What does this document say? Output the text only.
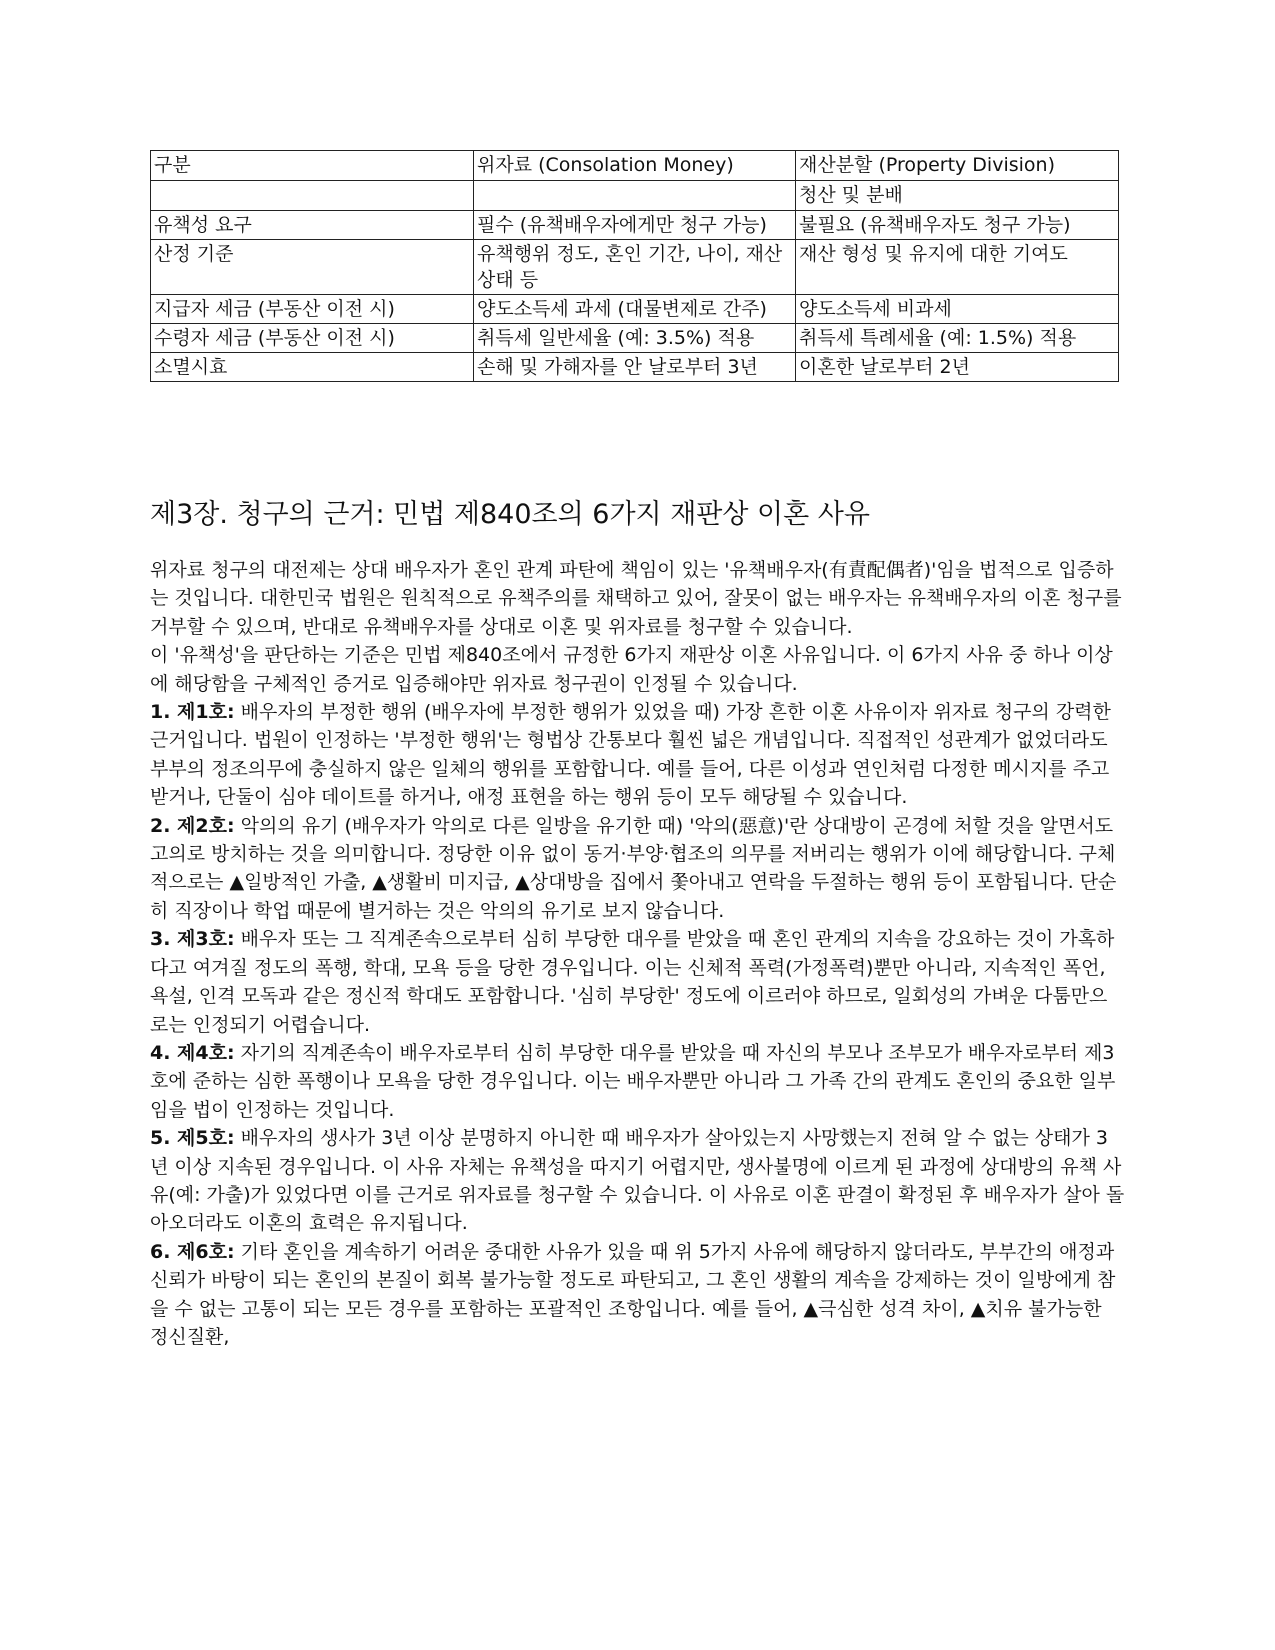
구분	위자료 (Consolation Money)	재산분할 (Property Division)
		청산 및 분배
유책성 요구	필수 (유책배우자에게만 청구 가능)	불필요 (유책배우자도 청구 가능)
산정 기준	유책행위 정도, 혼인 기간, 나이, 재산상태 등	재산 형성 및 유지에 대한 기여도
지급자 세금 (부동산 이전 시)	양도소득세 과세 (대물변제로 간주)	양도소득세 비과세
수령자 세금 (부동산 이전 시)	취득세 일반세율 (예: 3.5%) 적용	취득세 특례세율 (예: 1.5%) 적용
소멸시효	손해 및 가해자를 안 날로부터 3년	이혼한 날로부터 2년
제3장. 청구의 근거: 민법 제840조의 6가지 재판상 이혼 사유

위자료 청구의 대전제는 상대 배우자가 혼인 관계 파탄에 책임이 있는 '유책배우자(有責配偶者)'임을 법적으로 입증하는 것입니다. 대한민국 법원은 원칙적으로 유책주의를 채택하고 있어, 잘못이 없는 배우자는 유책배우자의 이혼 청구를 거부할 수 있으며, 반대로 유책배우자를 상대로 이혼 및 위자료를 청구할 수 있습니다.

이 '유책성'을 판단하는 기준은 민법 제840조에서 규정한 6가지 재판상 이혼 사유입니다. 이 6가지 사유 중 하나 이상에 해당함을 구체적인 증거로 입증해야만 위자료 청구권이 인정될 수 있습니다.

1. 제1호: 배우자의 부정한 행위 (배우자에 부정한 행위가 있었을 때) 가장 흔한 이혼 사유이자 위자료 청구의 강력한 근거입니다. 법원이 인정하는 '부정한 행위'는 형법상 간통보다 훨씬 넓은 개념입니다. 직접적인 성관계가 없었더라도 부부의 정조의무에 충실하지 않은 일체의 행위를 포함합니다. 예를 들어, 다른 이성과 연인처럼 다정한 메시지를 주고받거나, 단둘이 심야 데이트를 하거나, 애정 표현을 하는 행위 등이 모두 해당될 수 있습니다.

2. 제2호: 악의의 유기 (배우자가 악의로 다른 일방을 유기한 때) '악의(惡意)'란 상대방이 곤경에 처할 것을 알면서도 고의로 방치하는 것을 의미합니다. 정당한 이유 없이 동거·부양·협조의 의무를 저버리는 행위가 이에 해당합니다. 구체적으로는 ▲일방적인 가출, ▲생활비 미지급, ▲상대방을 집에서 쫓아내고 연락을 두절하는 행위 등이 포함됩니다. 단순히 직장이나 학업 때문에 별거하는 것은 악의의 유기로 보지 않습니다.

3. 제3호: 배우자 또는 그 직계존속으로부터 심히 부당한 대우를 받았을 때 혼인 관계의 지속을 강요하는 것이 가혹하다고 여겨질 정도의 폭행, 학대, 모욕 등을 당한 경우입니다. 이는 신체적 폭력(가정폭력)뿐만 아니라, 지속적인 폭언, 욕설, 인격 모독과 같은 정신적 학대도 포함합니다. '심히 부당한' 정도에 이르러야 하므로, 일회성의 가벼운 다툼만으로는 인정되기 어렵습니다.

4. 제4호: 자기의 직계존속이 배우자로부터 심히 부당한 대우를 받았을 때 자신의 부모나 조부모가 배우자로부터 제3호에 준하는 심한 폭행이나 모욕을 당한 경우입니다. 이는 배우자뿐만 아니라 그 가족 간의 관계도 혼인의 중요한 일부임을 법이 인정하는 것입니다.

5. 제5호: 배우자의 생사가 3년 이상 분명하지 아니한 때 배우자가 살아있는지 사망했는지 전혀 알 수 없는 상태가 3년 이상 지속된 경우입니다. 이 사유 자체는 유책성을 따지기 어렵지만, 생사불명에 이르게 된 과정에 상대방의 유책 사유(예: 가출)가 있었다면 이를 근거로 위자료를 청구할 수 있습니다. 이 사유로 이혼 판결이 확정된 후 배우자가 살아 돌아오더라도 이혼의 효력은 유지됩니다.

6. 제6호: 기타 혼인을 계속하기 어려운 중대한 사유가 있을 때 위 5가지 사유에 해당하지 않더라도, 부부간의 애정과 신뢰가 바탕이 되는 혼인의 본질이 회복 불가능할 정도로 파탄되고, 그 혼인 생활의 계속을 강제하는 것이 일방에게 참을 수 없는 고통이 되는 모든 경우를 포함하는 포괄적인 조항입니다. 예를 들어, ▲극심한 성격 차이, ▲치유 불가능한 정신질환,
